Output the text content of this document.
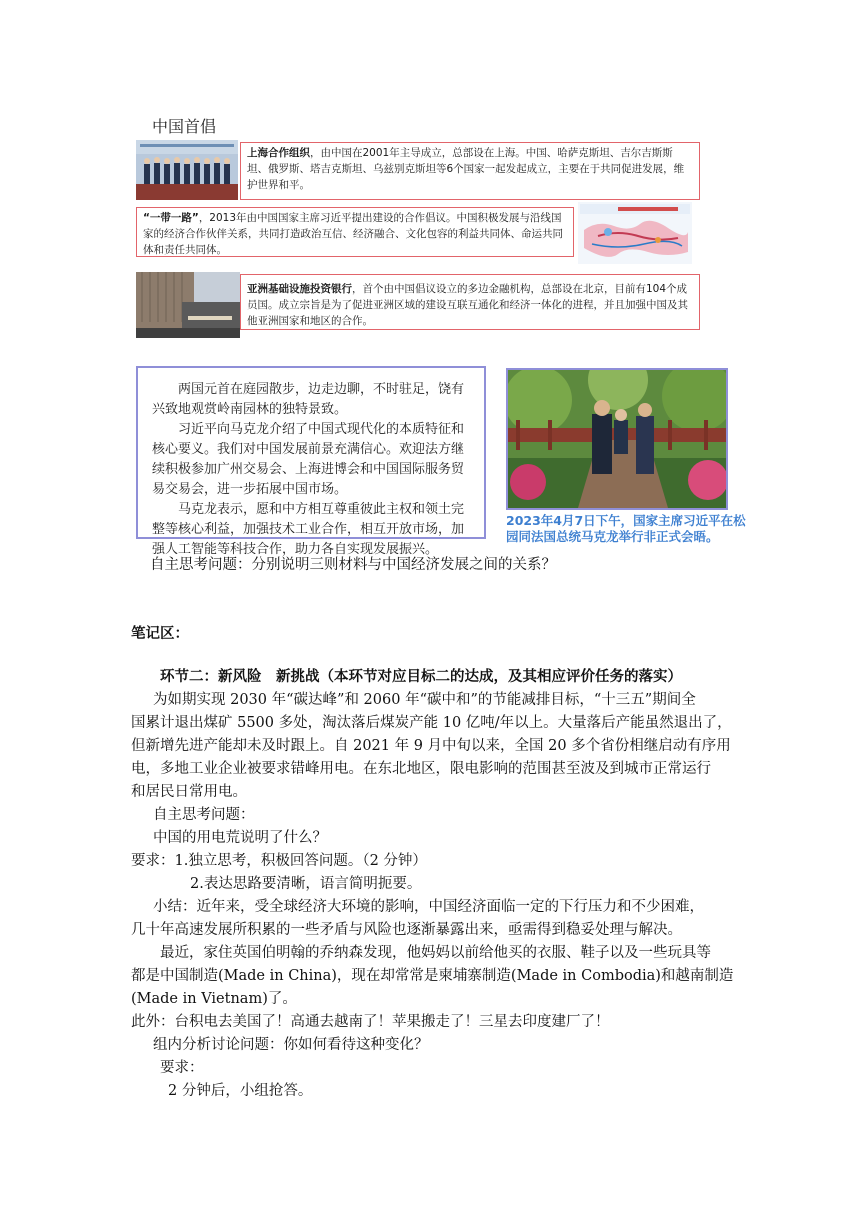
中国首倡
上海合作组织，由中国在2001年主导成立，总部设在上海。中国、哈萨克斯坦、吉尔吉斯斯坦、俄罗斯、塔吉克斯坦、乌兹别克斯坦等6个国家一起发起成立，主要在于共同促进发展，维护世界和平。
“一带一路”，2013年由中国国家主席习近平提出建设的合作倡议。中国积极发展与沿线国家的经济合作伙伴关系，共同打造政治互信、经济融合、文化包容的利益共同体、命运共同体和责任共同体。
亚洲基础设施投资银行，首个由中国倡议设立的多边金融机构，总部设在北京，目前有104个成员国。成立宗旨是为了促进亚洲区域的建设互联互通化和经济一体化的进程，并且加强中国及其他亚洲国家和地区的合作。

两国元首在庭园散步，边走边聊，不时驻足，饶有兴致地观赏岭南园林的独特景致。

习近平向马克龙介绍了中国式现代化的本质特征和核心要义。我们对中国发展前景充满信心。欢迎法方继续积极参加广州交易会、上海进博会和中国国际服务贸易交易会，进一步拓展中国市场。

马克龙表示，愿和中方相互尊重彼此主权和领土完整等核心利益，加强技术工业合作，相互开放市场，加强人工智能等科技合作，助力各自实现发展振兴。

2023年4月7日下午，国家主席习近平在松园同法国总统马克龙举行非正式会晤。
自主思考问题：分别说明三则材料与中国经济发展之间的关系？
笔记区：
环节二：新风险　新挑战（本环节对应目标二的达成，及其相应评价任务的落实）
为如期实现 2030 年“碳达峰”和 2060 年“碳中和”的节能减排目标，“十三五”期间全
国累计退出煤矿 5500 多处，淘汰落后煤炭产能 10 亿吨/年以上。大量落后产能虽然退出了，
但新增先进产能却未及时跟上。自 2021 年 9 月中旬以来，全国 20 多个省份相继启动有序用
电，多地工业企业被要求错峰用电。在东北地区，限电影响的范围甚至波及到城市正常运行
和居民日常用电。
自主思考问题：
中国的用电荒说明了什么？
要求：1.独立思考，积极回答问题。（2 分钟）
2.表达思路要清晰，语言简明扼要。
小结：近年来，受全球经济大环境的影响，中国经济面临一定的下行压力和不少困难，
几十年高速发展所积累的一些矛盾与风险也逐渐暴露出来，亟需得到稳妥处理与解决。
最近，家住英国伯明翰的乔纳森发现，他妈妈以前给他买的衣服、鞋子以及一些玩具等
都是中国制造(Made in China)，现在却常常是柬埔寨制造(Made in Combodia)和越南制造
(Made in Vietnam)了。
此外：台积电去美国了！高通去越南了！苹果搬走了！三星去印度建厂了！
组内分析讨论问题：你如何看待这种变化？
要求：
2 分钟后，小组抢答。
